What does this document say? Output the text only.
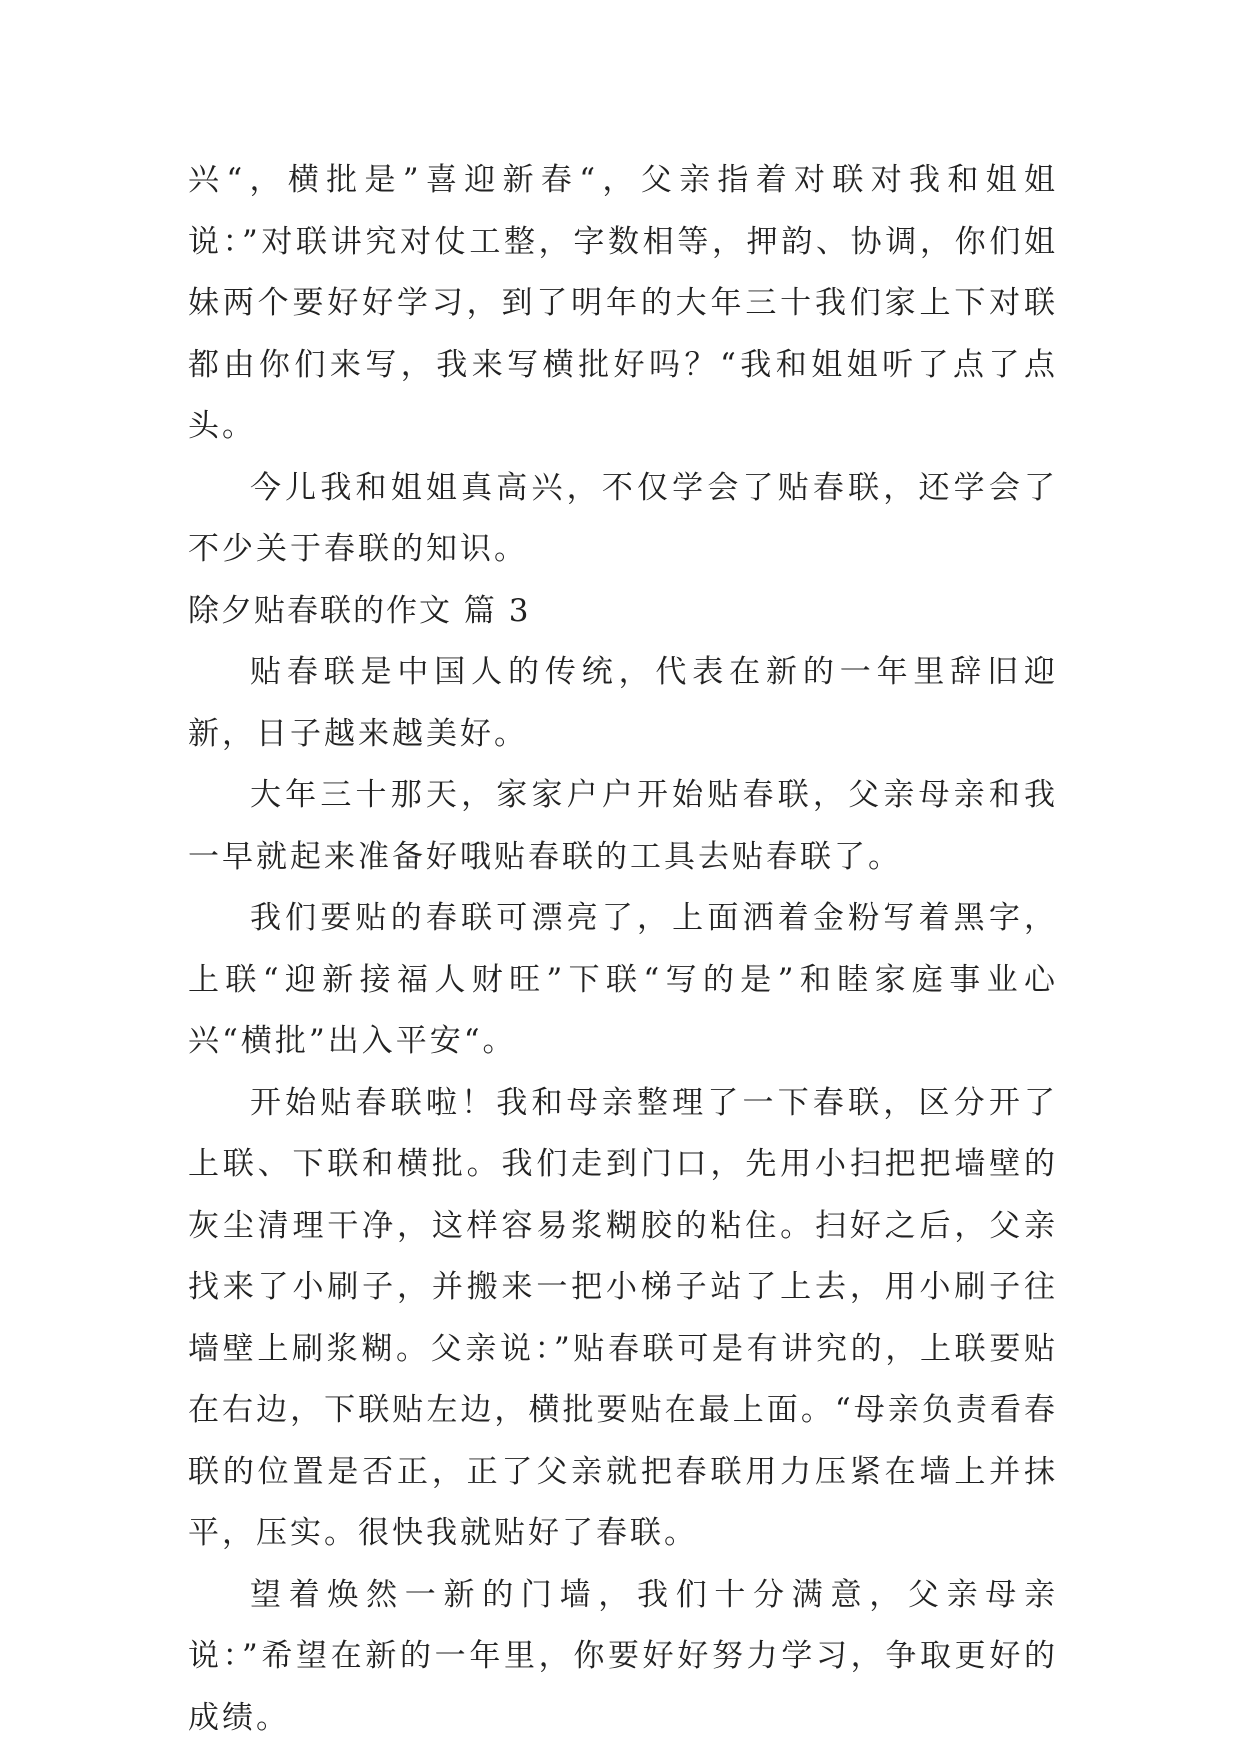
兴“，横批是”喜迎新春“，父亲指着对联对我和姐姐说：”对联讲究对仗工整，字数相等，押韵、协调，你们姐妹两个要好好学习，到了明年的大年三十我们家上下对联都由你们来写，我来写横批好吗？“我和姐姐听了点了点头。

今儿我和姐姐真高兴，不仅学会了贴春联，还学会了不少关于春联的知识。

除夕贴春联的作文 篇 3

贴春联是中国人的传统，代表在新的一年里辞旧迎新，日子越来越美好。

大年三十那天，家家户户开始贴春联，父亲母亲和我一早就起来准备好哦贴春联的工具去贴春联了。

我们要贴的春联可漂亮了，上面洒着金粉写着黑字，上联“迎新接福人财旺”下联“写的是”和睦家庭事业心兴“横批”出入平安“。

开始贴春联啦！我和母亲整理了一下春联，区分开了上联、下联和横批。我们走到门口，先用小扫把把墙壁的灰尘清理干净，这样容易浆糊胶的粘住。扫好之后，父亲找来了小刷子，并搬来一把小梯子站了上去，用小刷子往墙壁上刷浆糊。父亲说：”贴春联可是有讲究的，上联要贴在右边，下联贴左边，横批要贴在最上面。“母亲负责看春联的位置是否正，正了父亲就把春联用力压紧在墙上并抹平，压实。很快我就贴好了春联。

望着焕然一新的门墙，我们十分满意，父亲母亲说：”希望在新的一年里，你要好好努力学习，争取更好的成绩。
